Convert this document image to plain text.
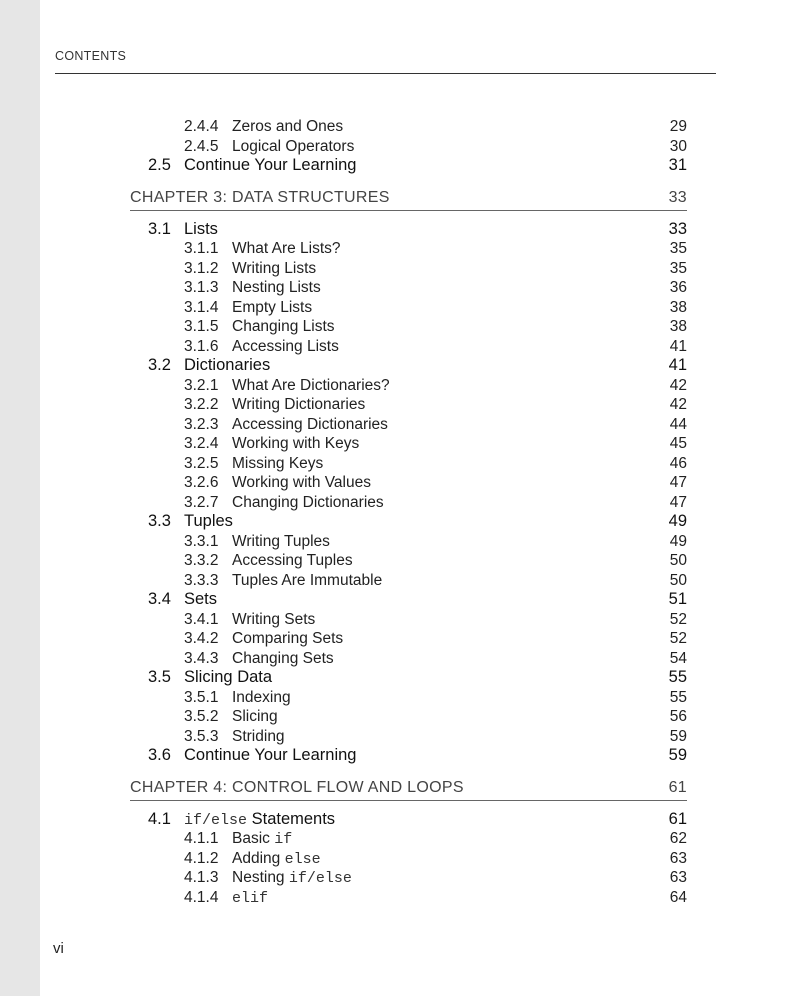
CONTENTS
2.4.4 Zeros and Ones	29
2.4.5 Logical Operators	30
2.5 Continue Your Learning	31
CHAPTER 3: DATA STRUCTURES	33
3.1 Lists	33
3.1.1 What Are Lists?	35
3.1.2 Writing Lists	35
3.1.3 Nesting Lists	36
3.1.4 Empty Lists	38
3.1.5 Changing Lists	38
3.1.6 Accessing Lists	41
3.2 Dictionaries	41
3.2.1 What Are Dictionaries?	42
3.2.2 Writing Dictionaries	42
3.2.3 Accessing Dictionaries	44
3.2.4 Working with Keys	45
3.2.5 Missing Keys	46
3.2.6 Working with Values	47
3.2.7 Changing Dictionaries	47
3.3 Tuples	49
3.3.1 Writing Tuples	49
3.3.2 Accessing Tuples	50
3.3.3 Tuples Are Immutable	50
3.4 Sets	51
3.4.1 Writing Sets	52
3.4.2 Comparing Sets	52
3.4.3 Changing Sets	54
3.5 Slicing Data	55
3.5.1 Indexing	55
3.5.2 Slicing	56
3.5.3 Striding	59
3.6 Continue Your Learning	59
CHAPTER 4: CONTROL FLOW AND LOOPS	61
4.1 if/else Statements	61
4.1.1 Basic if	62
4.1.2 Adding else	63
4.1.3 Nesting if/else	63
4.1.4 elif	64
vi
